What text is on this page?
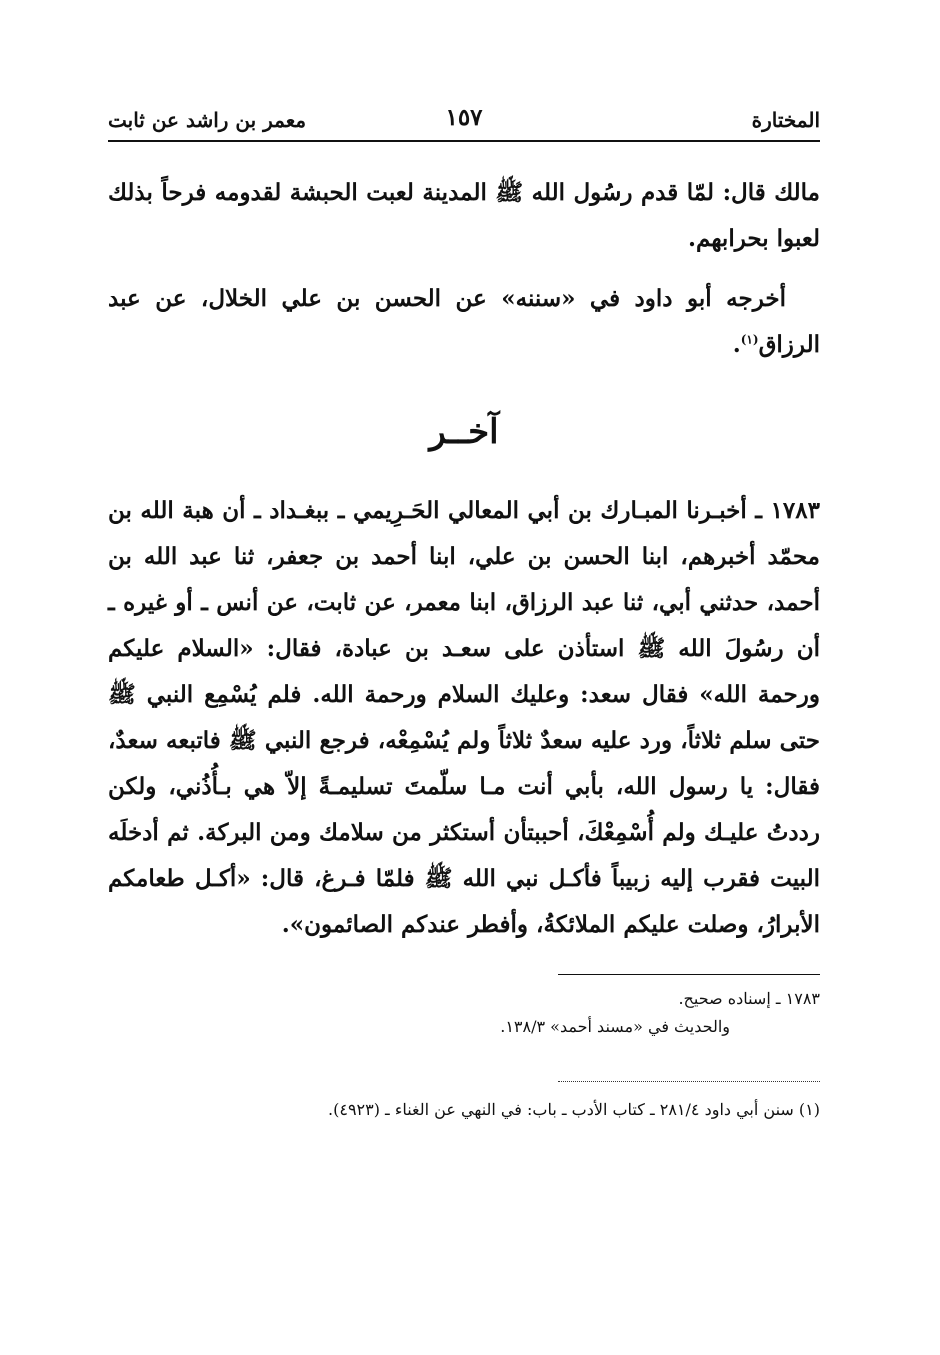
المختارة
١٥٧
معمر بن راشد عن ثابت

مالك قال: لمّا قدم رسُول الله ﷺ المدينة لعبت الحبشة لقدومه فرحاً بذلك لعبوا بحرابهم.

أخرجه أبو داود في «سننه» عن الحسن بن علي الخلال، عن عبد الرزاق$^{(١)}$.

آخــر

١٧٨٣ ـ أخبـرنا المبـارك بن أبي المعالي الحَـرِيمي ـ ببغـداد ـ أن هبة الله بن محمّد أخبرهم، ابنا الحسن بن علي، ابنا أحمد بن جعفر، ثنا عبد الله بن أحمد، حدثني أبي، ثنا عبد الرزاق، ابنا معمر، عن ثابت، عن أنس ـ أو غيره ـ أن رسُولَ الله ﷺ استأذن على سعـد بن عبادة، فقال: «السلام عليكم ورحمة الله» فقال سعد: وعليك السلام ورحمة الله. فلم يُسْمِع النبي ﷺ حتى سلم ثلاثاً، ورد عليه سعدٌ ثلاثاً ولم يُسْمِعْه، فرجع النبي ﷺ فاتبعه سعدٌ، فقال: يا رسول الله، بأبي أنت مـا سلّمتَ تسليمـةً إلاّ هي بـأُذُني، ولكن رددتُ عليـك ولم أُسْمِعْكَ، أحببتأن أستكثر من سلامك ومن البركة. ثم أدخلَه البيت فقرب إليه زبيباً فأكـل نبي الله ﷺ فلمّا فـرغ، قال: «أكـل طعامكم الأبرارُ، وصلت عليكم الملائكةُ، وأفطر عندكم الصائمون».

١٧٨٣ ـ إسناده صحيح.
والحديث في «مسند أحمد» ١٣٨/٣.
(١) سنن أبي داود ٢٨١/٤ ـ كتاب الأدب ـ باب: في النهي عن الغناء ـ (٤٩٢٣).
